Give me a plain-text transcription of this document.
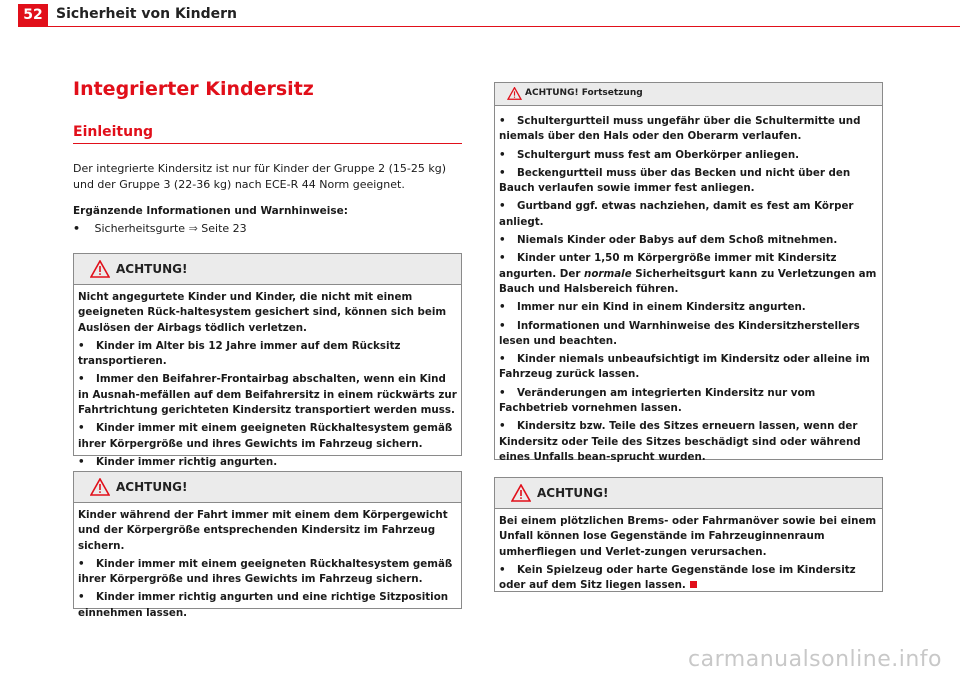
52 Sicherheit von Kindern
Integrierter Kindersitz
Einleitung
Der integrierte Kindersitz ist nur für Kinder der Gruppe 2 (15-25 kg) und der Gruppe 3 (22-36 kg) nach ECE-R 44 Norm geeignet.
Ergänzende Informationen und Warnhinweise:
• Sicherheitsgurte ⇒ Seite 23
ACHTUNG!

Nicht angegurtete Kinder und Kinder, die nicht mit einem geeigneten Rück-haltesystem gesichert sind, können sich beim Auslösen der Airbags tödlich verletzen.

• Kinder im Alter bis 12 Jahre immer auf dem Rücksitz transportieren.

• Immer den Beifahrer-Frontairbag abschalten, wenn ein Kind in Ausnah-mefällen auf dem Beifahrersitz in einem rückwärts zur Fahrtrichtung gerichteten Kindersitz transportiert werden muss.

• Kinder immer mit einem geeigneten Rückhaltesystem gemäß ihrer Körpergröße und ihres Gewichts im Fahrzeug sichern.

• Kinder immer richtig angurten.

ACHTUNG!

Kinder während der Fahrt immer mit einem dem Körpergewicht und der Körpergröße entsprechenden Kindersitz im Fahrzeug sichern.

• Kinder immer mit einem geeigneten Rückhaltesystem gemäß ihrer Körpergröße und ihres Gewichts im Fahrzeug sichern.

• Kinder immer richtig angurten und eine richtige Sitzposition einnehmen lassen.

ACHTUNG! Fortsetzung

• Schultergurtteil muss ungefähr über die Schultermitte und niemals über den Hals oder den Oberarm verlaufen.

• Schultergurt muss fest am Oberkörper anliegen.

• Beckengurtteil muss über das Becken und nicht über den Bauch verlaufen sowie immer fest anliegen.

• Gurtband ggf. etwas nachziehen, damit es fest am Körper anliegt.

• Niemals Kinder oder Babys auf dem Schoß mitnehmen.

• Kinder unter 1,50 m Körpergröße immer mit Kindersitz angurten. Der normale Sicherheitsgurt kann zu Verletzungen am Bauch und Halsbereich führen.

• Immer nur ein Kind in einem Kindersitz angurten.

• Informationen und Warnhinweise des Kindersitzherstellers lesen und beachten.

• Kinder niemals unbeaufsichtigt im Kindersitz oder alleine im Fahrzeug zurück lassen.

• Veränderungen am integrierten Kindersitz nur vom Fachbetrieb vornehmen lassen.

• Kindersitz bzw. Teile des Sitzes erneuern lassen, wenn der Kindersitz oder Teile des Sitzes beschädigt sind oder während eines Unfalls bean-sprucht wurden.

ACHTUNG!

Bei einem plötzlichen Brems- oder Fahrmanöver sowie bei einem Unfall können lose Gegenstände im Fahrzeuginnenraum umherfliegen und Verlet-zungen verursachen.

• Kein Spielzeug oder harte Gegenstände lose im Kindersitz oder auf dem Sitz liegen lassen.

carmanualsonline.info
